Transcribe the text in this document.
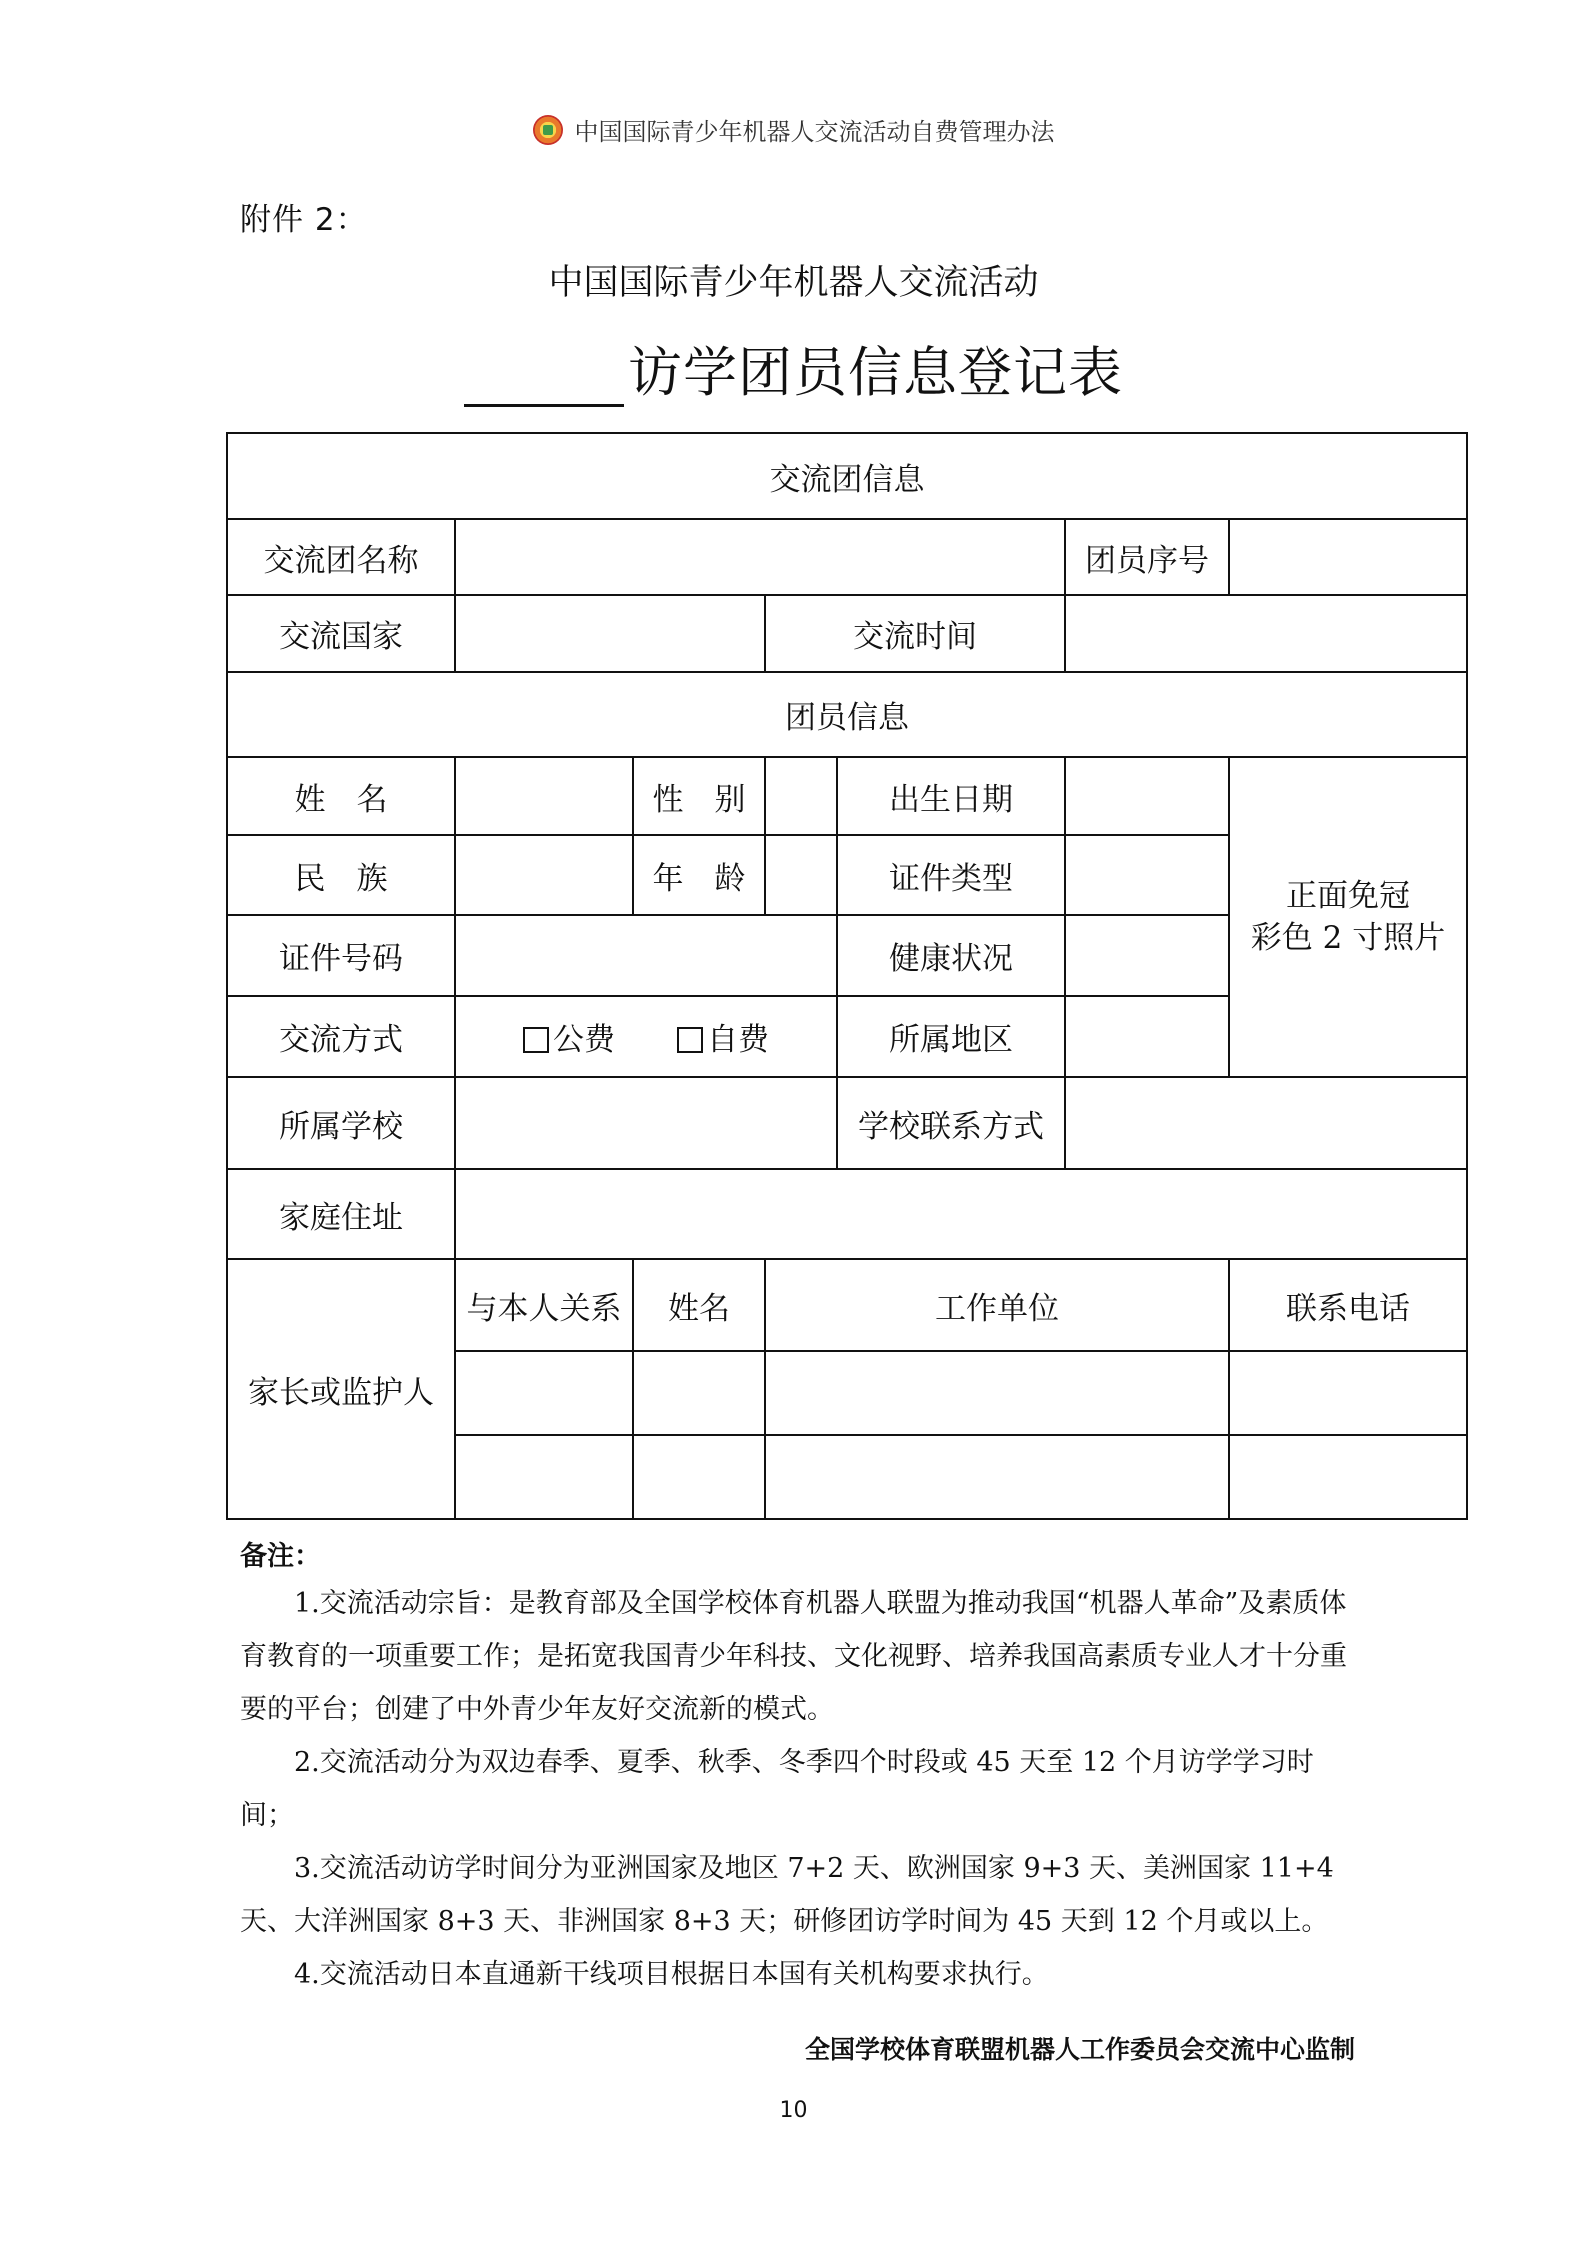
中国国际青少年机器人交流活动自费管理办法
附件 2：
中国国际青少年机器人交流活动
访学团员信息登记表
交流团信息						
交流团名称					团员序号	
交流国家			交流时间			
团员信息						
姓　名		性　别		出生日期		正面免冠
彩色 2 寸照片

民　族		年　龄		证件类型		
证件号码				健康状况		
交流方式	公费 自费			所属地区		
所属学校				学校联系方式		
家庭住址						
家长或监护人	与本人关系	姓名	工作单位			联系电话

备注：

1.交流活动宗旨：是教育部及全国学校体育机器人联盟为推动我国“机器人革命”及素质体育教育的一项重要工作；是拓宽我国青少年科技、文化视野、培养我国高素质专业人才十分重要的平台；创建了中外青少年友好交流新的模式。

2.交流活动分为双边春季、夏季、秋季、冬季四个时段或 45 天至 12 个月访学学习时间；

3.交流活动访学时间分为亚洲国家及地区 7+2 天、欧洲国家 9+3 天、美洲国家 11+4 天、大洋洲国家 8+3 天、非洲国家 8+3 天；研修团访学时间为 45 天到 12 个月或以上。

4.交流活动日本直通新干线项目根据日本国有关机构要求执行。

全国学校体育联盟机器人工作委员会交流中心监制
10
